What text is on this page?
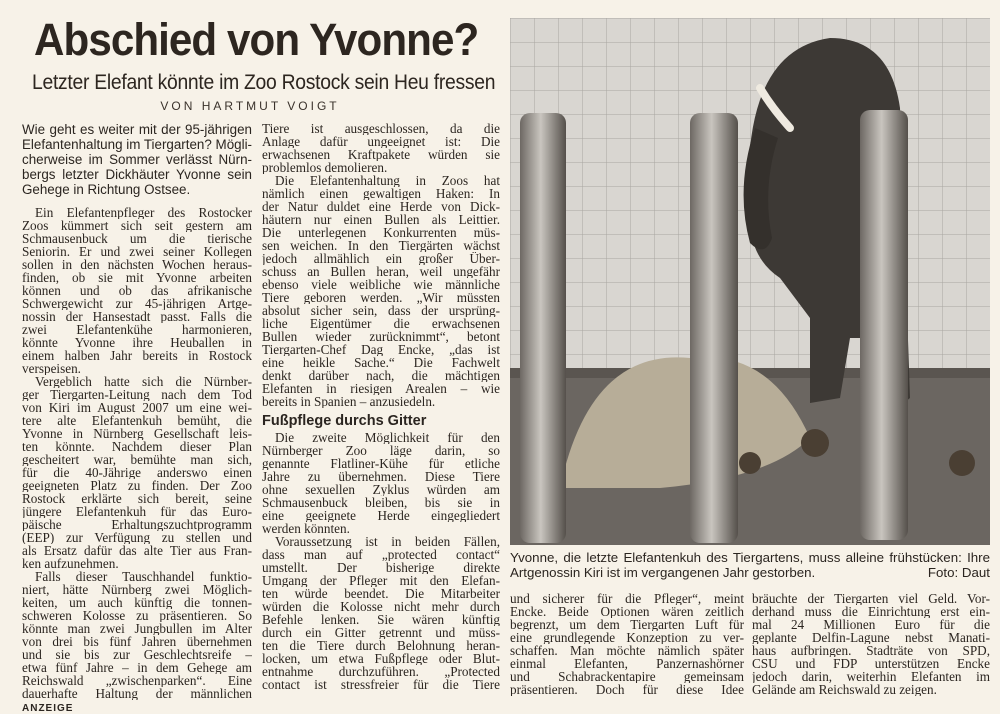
Abschied von Yvonne?
Letzter Elefant könnte im Zoo Rostock sein Heu fressen
VON HARTMUT VOIGT
Wie geht es weiter mit der 95-jährigen
Elefantenhaltung im Tiergarten? Mögli-
cherweise im Sommer verlässt Nürn-
bergs letzter Dickhäuter Yvonne sein
Gehege in Richtung Ostsee.
Ein Elefantenpfleger des Rostocker
Zoos kümmert sich seit gestern am
Schmausenbuck um die tierische
Seniorin. Er und zwei seiner Kollegen
sollen in den nächsten Wochen heraus-
finden, ob sie mit Yvonne arbeiten
können und ob das afrikanische
Schwergewicht zur 45-jährigen Artge-
nossin der Hansestadt passt. Falls die
zwei Elefantenkühe harmonieren,
könnte Yvonne ihre Heuballen in
einem halben Jahr bereits in Rostock
verspeisen.
Vergeblich hatte sich die Nürnber-
ger Tiergarten-Leitung nach dem Tod
von Kiri im August 2007 um eine wei-
tere alte Elefantenkuh bemüht, die
Yvonne in Nürnberg Gesellschaft leis-
ten könnte. Nachdem dieser Plan
gescheitert war, bemühte man sich,
für die 40-Jährige anderswo einen
geeigneten Platz zu finden. Der Zoo
Rostock erklärte sich bereit, seine
jüngere Elefantenkuh für das Euro-
päische Erhaltungszuchtprogramm
(EEP) zur Verfügung zu stellen und
als Ersatz dafür das alte Tier aus Fran-
ken aufzunehmen.
Falls dieser Tauschhandel funktio-
niert, hätte Nürnberg zwei Möglich-
keiten, um auch künftig die tonnen-
schweren Kolosse zu präsentieren. So
könnte man zwei Jungbullen im Alter
von drei bis fünf Jahren übernehmen
und sie bis zur Geschlechtsreife –
etwa fünf Jahre – in dem Gehege am
Reichswald „zwischenparken“. Eine
dauerhafte Haltung der männlichen
Tiere ist ausgeschlossen, da die
Anlage dafür ungeeignet ist: Die
erwachsenen Kraftpakete würden sie
problemlos demolieren.
Die Elefantenhaltung in Zoos hat
nämlich einen gewaltigen Haken: In
der Natur duldet eine Herde von Dick-
häutern nur einen Bullen als Leittier.
Die unterlegenen Konkurrenten müs-
sen weichen. In den Tiergärten wächst
jedoch allmählich ein großer Über-
schuss an Bullen heran, weil ungefähr
ebenso viele weibliche wie männliche
Tiere geboren werden. „Wir müssten
absolut sicher sein, dass der ursprüng-
liche Eigentümer die erwachsenen
Bullen wieder zurücknimmt“, betont
Tiergarten-Chef Dag Encke, „das ist
eine heikle Sache.“ Die Fachwelt
denkt darüber nach, die mächtigen
Elefanten in riesigen Arealen – wie
bereits in Spanien – anzusiedeln.
Fußpflege durchs Gitter
Die zweite Möglichkeit für den
Nürnberger Zoo läge darin, so
genannte Flatliner-Kühe für etliche
Jahre zu übernehmen. Diese Tiere
ohne sexuellen Zyklus würden am
Schmausenbuck bleiben, bis sie in
eine geeignete Herde eingegliedert
werden könnten.
Voraussetzung ist in beiden Fällen,
dass man auf „protected contact“
umstellt. Der bisherige direkte
Umgang der Pfleger mit den Elefan-
ten würde beendet. Die Mitarbeiter
würden die Kolosse nicht mehr durch
Befehle lenken. Sie wären künftig
durch ein Gitter getrennt und müss-
ten die Tiere durch Belohnung heran-
locken, um etwa Fußpflege oder Blut-
entnahme durchzuführen. „Protected
contact ist stressfreier für die Tiere
und sicherer für die Pfleger“, meint
Encke. Beide Optionen wären zeitlich
begrenzt, um dem Tiergarten Luft für
eine grundlegende Konzeption zu ver-
schaffen. Man möchte nämlich später
einmal Elefanten, Panzernashörner
und Schabrackentapire gemeinsam
präsentieren. Doch für diese Idee
bräuchte der Tiergarten viel Geld. Vor-
derhand muss die Einrichtung erst ein-
mal 24 Millionen Euro für die
geplante Delfin-Lagune nebst Manati-
haus aufbringen. Stadträte von SPD,
CSU und FDP unterstützen Encke
jedoch darin, weiterhin Elefanten im
Gelände am Reichswald zu zeigen.
Yvonne, die letzte Elefantenkuh des Tiergartens, muss alleine frühstücken: Ihre
Artgenossin Kiri ist im vergangenen Jahr gestorben.	Foto: Daut
ANZEIGE
